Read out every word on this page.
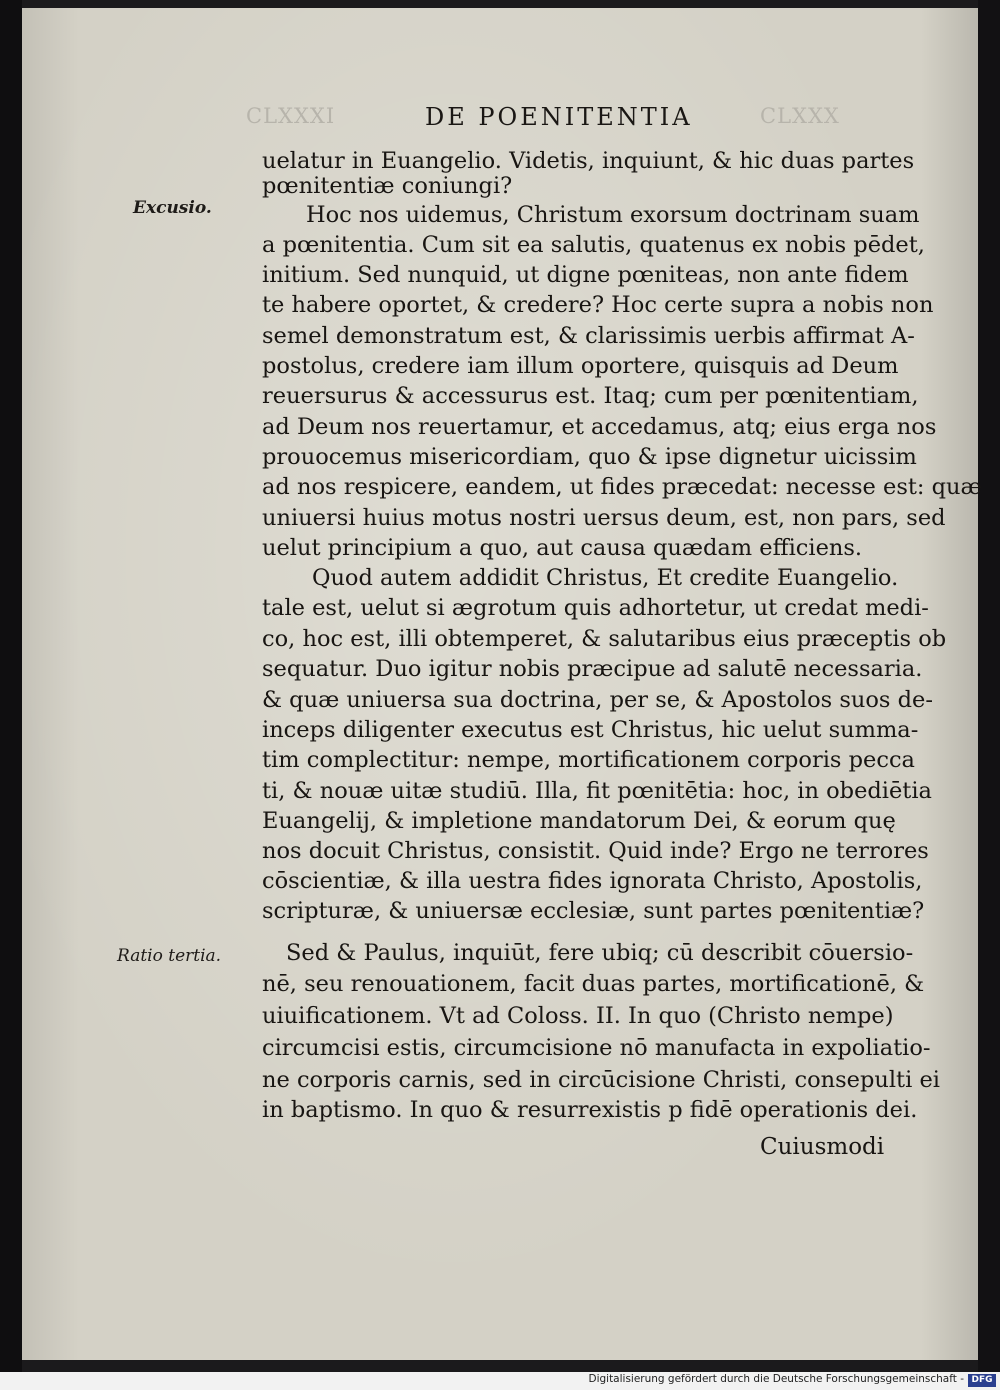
CLXXXI	CLXXX

DE POENITENTIA

Excusio.

Ratio tertia.

uelatur in Euangelio. Videtis, inquiunt, & hic duas partes

pœnitentiæ coniungi?

Hoc nos uidemus, Christum exorsum doctrinam suam

a pœnitentia. Cum sit ea salutis, quatenus ex nobis pēdet,

initium. Sed nunquid, ut digne pœniteas, non ante fidem

te habere oportet, & credere? Hoc certe supra a nobis non

semel demonstratum est, & clarissimis uerbis affirmat A-

postolus, credere iam illum oportere, quisquis ad Deum

reuersurus & accessurus est. Itaq; cum per pœnitentiam,

ad Deum nos reuertamur, et accedamus, atq; eius erga nos

prouocemus misericordiam, quo & ipse dignetur uicissim

ad nos respicere, eandem, ut fides præcedat: necesse est: quæ

uniuersi huius motus nostri uersus deum, est, non pars, sed

uelut principium a quo, aut causa quædam efficiens.

Quod autem addidit Christus, Et credite Euangelio.

tale est, uelut si ægrotum quis adhortetur, ut credat medi-

co, hoc est, illi obtemperet, & salutaribus eius præceptis ob

sequatur. Duo igitur nobis præcipue ad salutē necessaria.

& quæ uniuersa sua doctrina, per se, & Apostolos suos de-

inceps diligenter executus est Christus, hic uelut summa-

tim complectitur: nempe, mortificationem corporis pecca

ti, & nouæ uitæ studiū. Illa, fit pœnitētia: hoc, in obediētia

Euangelij, & impletione mandatorum Dei, & eorum quę

nos docuit Christus, consistit. Quid inde? Ergo ne terrores

cōscientiæ, & illa uestra fides ignorata Christo, Apostolis,

scripturæ, & uniuersæ ecclesiæ, sunt partes pœnitentiæ?

Sed & Paulus, inquiūt, fere ubiq; cū describit cōuersio-

nē, seu renouationem, facit duas partes, mortificationē, &

uiuificationem. Vt ad Coloss. II. In quo (Christo nempe)

circumcisi estis, circumcisione nō manufacta in expoliatio-

ne corporis carnis, sed in circūcisione Christi, consepulti ei

in baptismo. In quo & resurrexistis p fidē operationis dei.

Cuiusmodi

Digitalisierung gefördert durch die Deutsche Forschungsgemeinschaft - DFG
